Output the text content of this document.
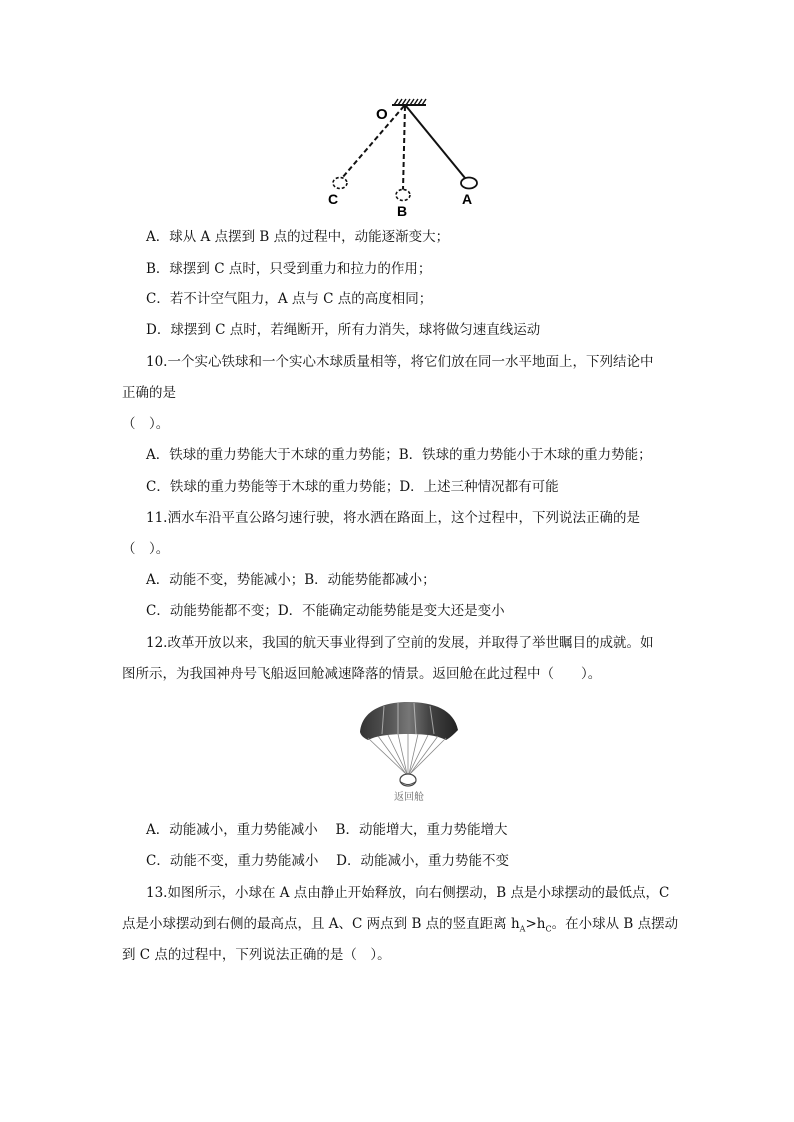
O
C
B
A
A．球从 A 点摆到 B 点的过程中，动能逐渐变大；
B．球摆到 C 点时，只受到重力和拉力的作用；
C．若不计空气阻力，A 点与 C 点的高度相同；
D．球摆到 C 点时，若绳断开，所有力消失，球将做匀速直线运动
10.一个实心铁球和一个实心木球质量相等，将它们放在同一水平地面上，下列结论中
正确的是
（　）。
A．铁球的重力势能大于木球的重力势能；B．铁球的重力势能小于木球的重力势能；
C．铁球的重力势能等于木球的重力势能；D．上述三种情况都有可能
11.洒水车沿平直公路匀速行驶，将水洒在路面上，这个过程中，下列说法正确的是
（　）。
A．动能不变，势能减小；B．动能势能都减小；
C．动能势能都不变；D．不能确定动能势能是变大还是变小
12.改革开放以来，我国的航天事业得到了空前的发展，并取得了举世瞩目的成就。如
图所示，为我国神舟号飞船返回舱减速降落的情景。返回舱在此过程中（　　）。
返回舱
A．动能减小，重力势能减小　 B．动能增大，重力势能增大
C．动能不变，重力势能减小　 D．动能减小，重力势能不变
13.如图所示，小球在 A 点由静止开始释放，向右侧摆动，B 点是小球摆动的最低点，C
点是小球摆动到右侧的最高点，且 A、C 两点到 B 点的竖直距离 $h_A>h_C$。在小球从 B 点摆动
到 C 点的过程中，下列说法正确的是（　）。
